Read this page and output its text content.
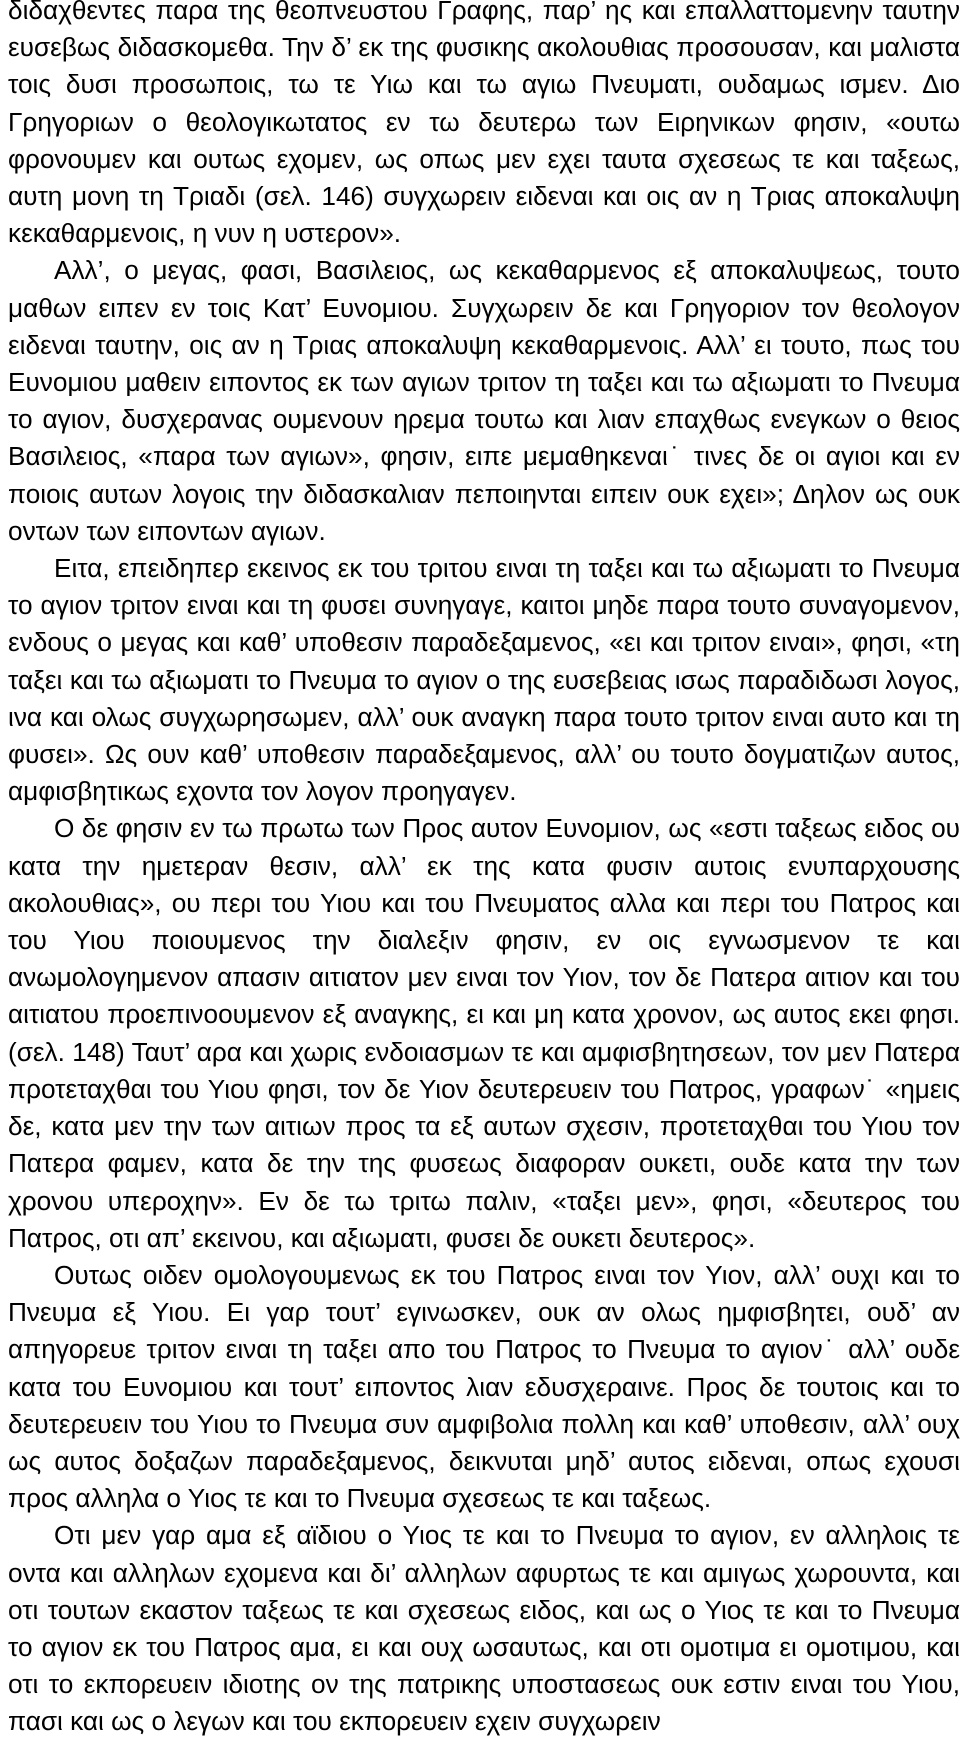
διδαχθεντες παρα της θεοπνευστου Γραφης, παρ’ ης και επαλλαττομενην ταυτην ευσεβως διδασκομεθα. Την δ’ εκ της φυσικης ακολουθιας προσουσαν, και μαλιστα τοις δυσι προσωποις, τω τε Υιω και τω αγιω Πνευματι, ουδαμως ισμεν. Διο Γρηγοριων ο θεολογικωτατος εν τω δευτερω των Ειρηνικων φησιν, «ουτω φρονουμεν και ουτως εχομεν, ως οπως μεν εχει ταυτα σχεσεως τε και ταξεως, αυτη μονη τη Τριαδι (σελ. 146) συγχωρειν ειδεναι και οις αν η Τριας αποκαλυψη κεκαθαρμενοις, η νυν η υστερον».

Αλλ’, ο μεγας, φασι, Βασιλειος, ως κεκαθαρμενος εξ αποκαλυψεως, τουτο μαθων ειπεν εν τοις Κατ’ Ευνομιου. Συγχωρειν δε και Γρηγοριον τον θεολογον ειδεναι ταυτην, οις αν η Τριας αποκαλυψη κεκαθαρμενοις. Αλλ’ ει τουτο, πως του Ευνομιου μαθειν ειποντος εκ των αγιων τριτον τη ταξει και τω αξιωματι το Πνευμα το αγιον, δυσχερανας ουμενουν ηρεμα τουτω και λιαν επαχθως ενεγκων ο θειος Βασιλειος, «παρα των αγιων», φησιν, ειπε μεμαθηκεναι˙ τινες δε οι αγιοι και εν ποιοις αυτων λογοις την διδασκαλιαν πεποιηνται ειπειν ουκ εχει»; Δηλον ως ουκ οντων των ειποντων αγιων.

Ειτα, επειδηπερ εκεινος εκ του τριτου ειναι τη ταξει και τω αξιωματι το Πνευμα το αγιον τριτον ειναι και τη φυσει συνηγαγε, καιτοι μηδε παρα τουτο συναγομενον, ενδους ο μεγας και καθ’ υποθεσιν παραδεξαμενος, «ει και τριτον ειναι», φησι, «τη ταξει και τω αξιωματι το Πνευμα το αγιον ο της ευσεβειας ισως παραδιδωσι λογος, ινα και ολως συγχωρησωμεν, αλλ’ ουκ αναγκη παρα τουτο τριτον ειναι αυτο και τη φυσει». Ως ουν καθ’ υποθεσιν παραδεξαμενος, αλλ’ ου τουτο δογματιζων αυτος, αμφισβητικως εχοντα τον λογον προηγαγεν.

Ο δε φησιν εν τω πρωτω των Προς αυτον Ευνομιον, ως «εστι ταξεως ειδος ου κατα την ημετεραν θεσιν, αλλ’ εκ της κατα φυσιν αυτοις ενυπαρχουσης ακολουθιας», ου περι του Υιου και του Πνευματος αλλα και περι του Πατρος και του Υιου ποιουμενος την διαλεξιν φησιν, εν οις εγνωσμενον τε και ανωμολογημενον απασιν αιτιατον μεν ειναι τον Υιον, τον δε Πατερα αιτιον και του αιτιατου προεπινοουμενον εξ αναγκης, ει και μη κατα χρονον, ως αυτος εκει φησι. (σελ. 148) Ταυτ’ αρα και χωρις ενδοιασμων τε και αμφισβητησεων, τον μεν Πατερα προτεταχθαι του Υιου φησι, τον δε Υιον δευτερευειν του Πατρος, γραφων˙ «ημεις δε, κατα μεν την των αιτιων προς τα εξ αυτων σχεσιν, προτεταχθαι του Υιου τον Πατερα φαμεν, κατα δε την της φυσεως διαφοραν ουκετι, ουδε κατα την των χρονου υπεροχην». Εν δε τω τριτω παλιν, «ταξει μεν», φησι, «δευτερος του Πατρος, οτι απ’ εκεινου, και αξιωματι, φυσει δε ουκετι δευτερος».

Ουτως οιδεν ομολογουμενως εκ του Πατρος ειναι τον Υιον, αλλ’ ουχι και το Πνευμα εξ Υιου. Ει γαρ τουτ’ εγινωσκεν, ουκ αν ολως ημφισβητει, ουδ’ αν απηγορευε τριτον ειναι τη ταξει απο του Πατρος το Πνευμα το αγιον˙ αλλ’ ουδε κατα του Ευνομιου και τουτ’ ειποντος λιαν εδυσχεραινε. Προς δε τουτοις και το δευτερευειν του Υιου το Πνευμα συν αμφιβολια πολλη και καθ’ υποθεσιν, αλλ’ ουχ ως αυτος δοξαζων παραδεξαμενος, δεικνυται μηδ’ αυτος ειδεναι, οπως εχουσι προς αλληλα ο Υιος τε και το Πνευμα σχεσεως τε και ταξεως.

Οτι μεν γαρ αμα εξ αϊδιου ο Υιος τε και το Πνευμα το αγιον, εν αλληλοις τε οντα και αλληλων εχομενα και δι’ αλληλων αφυρτως τε και αμιγως χωρουντα, και οτι τουτων εκαστον ταξεως τε και σχεσεως ειδος, και ως ο Υιος τε και το Πνευμα το αγιον εκ του Πατρος αμα, ει και ουχ ωσαυτως, και οτι ομοτιμα ει ομοτιμου, και οτι το εκπορευειν ιδιοτης ον της πατρικης υποστασεως ουκ εστιν ειναι του Υιου, πασι και ως ο λεγων και του εκπορευειν εχειν συγχωρειν
